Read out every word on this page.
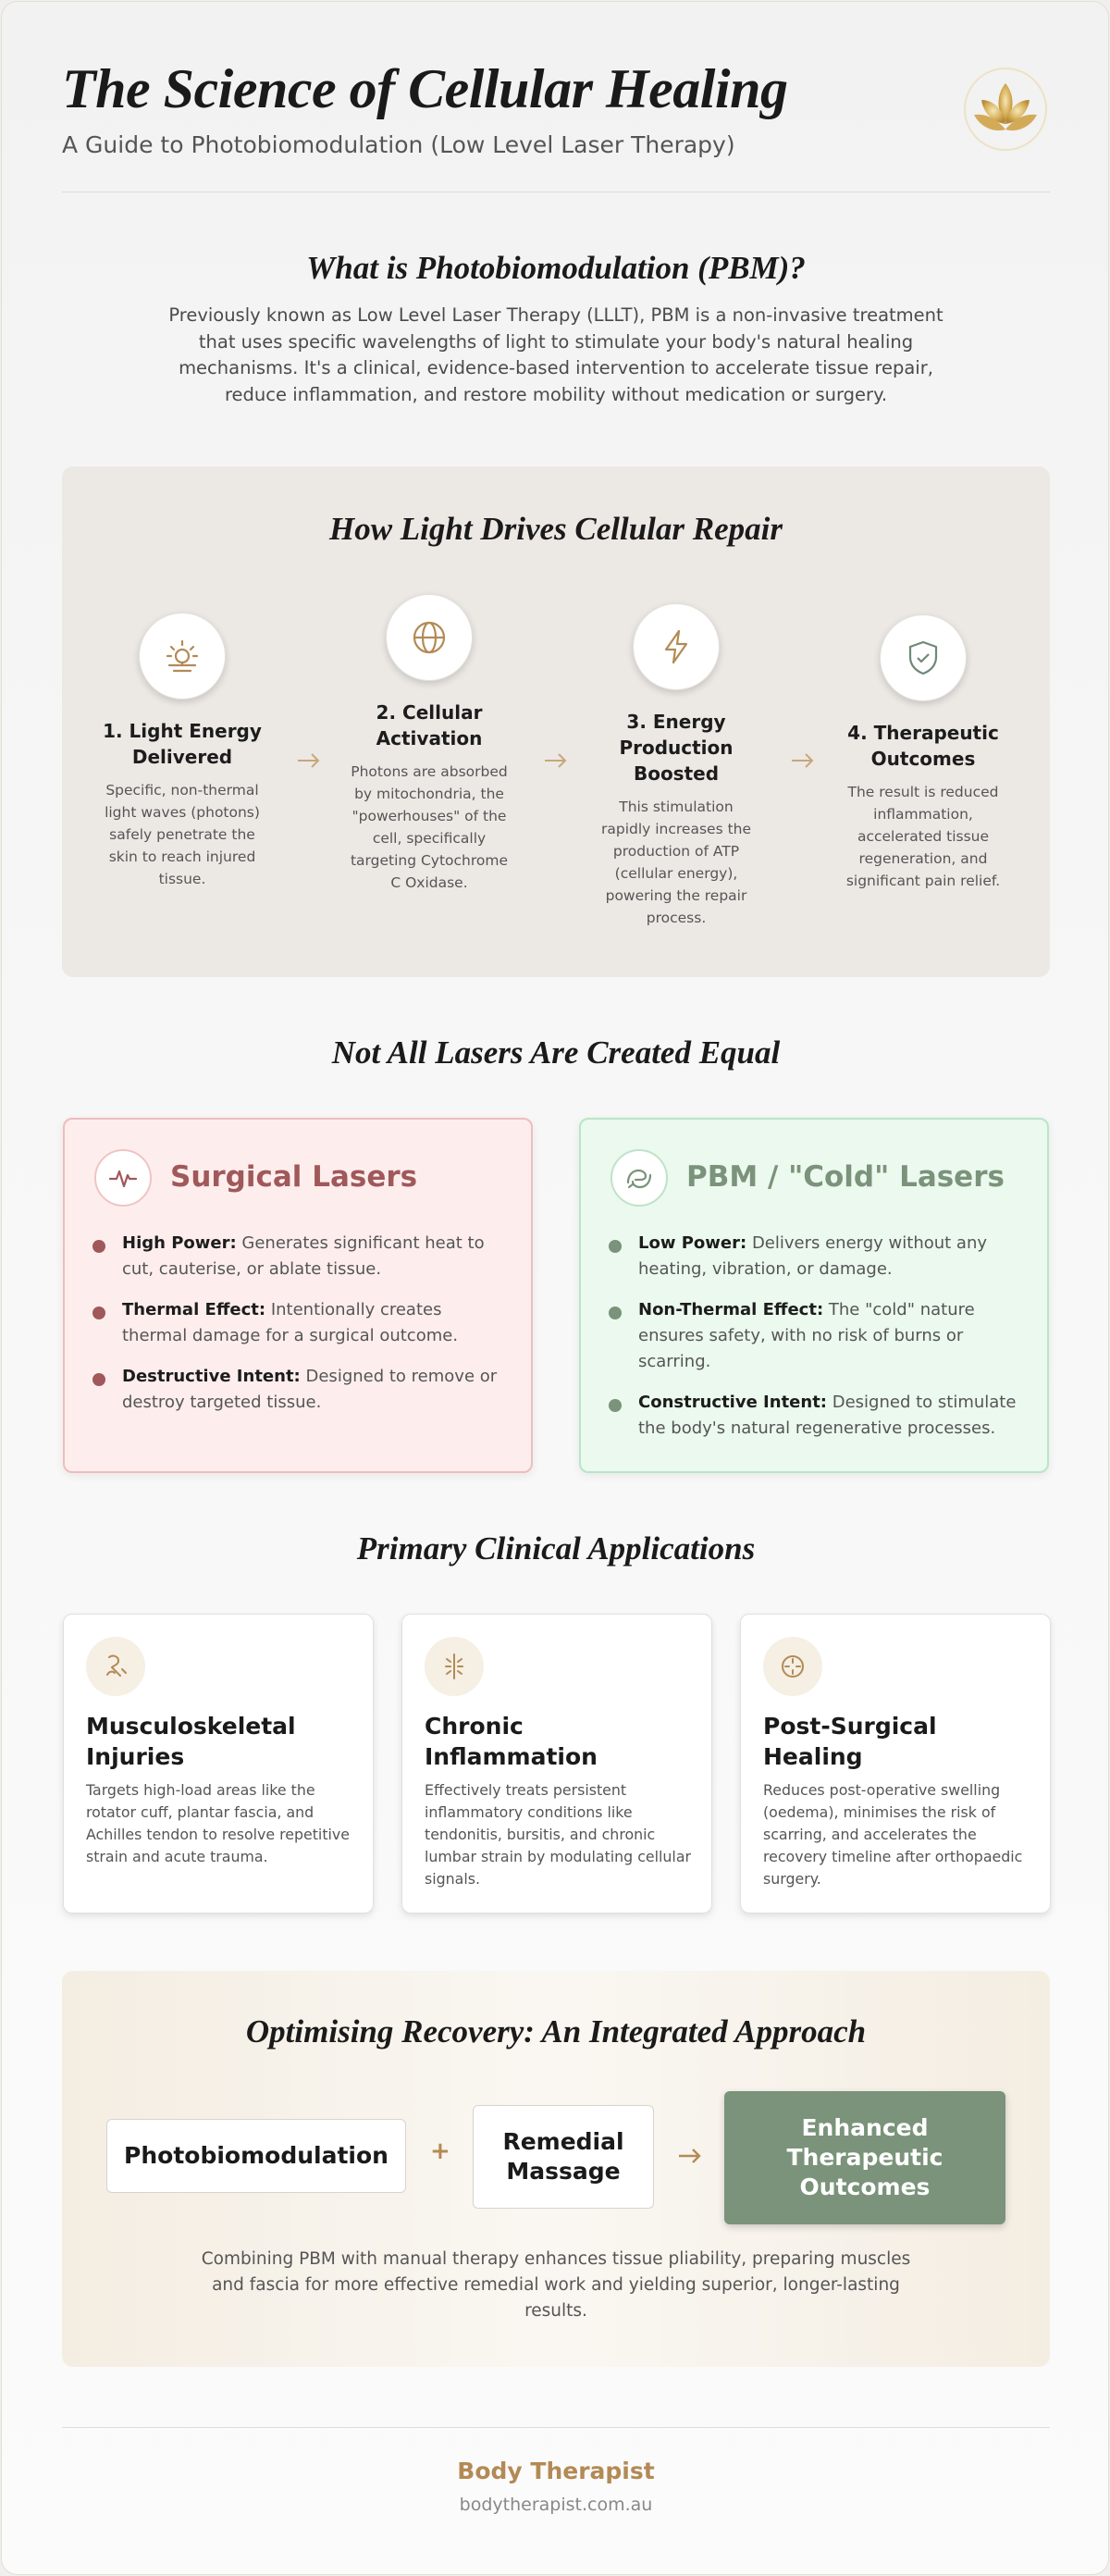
The Science of Cellular Healing
A Guide to Photobiomodulation (Low Level Laser Therapy)
What is Photobiomodulation (PBM)?
Previously known as Low Level Laser Therapy (LLLT), PBM is a non-invasive treatment that uses specific wavelengths of light to stimulate your body's natural healing mechanisms. It's a clinical, evidence-based intervention to accelerate tissue repair, reduce inflammation, and restore mobility without medication or surgery.
How Light Drives Cellular Repair
1. Light Energy Delivered
Specific, non-thermal light waves (photons) safely penetrate the skin to reach injured tissue.
2. Cellular Activation
Photons are absorbed by mitochondria, the "powerhouses" of the cell, specifically targeting Cytochrome C Oxidase.
3. Energy Production Boosted
This stimulation rapidly increases the production of ATP (cellular energy), powering the repair process.
4. Therapeutic Outcomes
The result is reduced inflammation, accelerated tissue regeneration, and significant pain relief.
Not All Lasers Are Created Equal
Surgical Lasers
High Power: Generates significant heat to cut, cauterise, or ablate tissue.
Thermal Effect: Intentionally creates thermal damage for a surgical outcome.
Destructive Intent: Designed to remove or destroy targeted tissue.
PBM / "Cold" Lasers
Low Power: Delivers energy without any heating, vibration, or damage.
Non-Thermal Effect: The "cold" nature ensures safety, with no risk of burns or scarring.
Constructive Intent: Designed to stimulate the body's natural regenerative processes.
Primary Clinical Applications
Musculoskeletal Injuries
Targets high-load areas like the rotator cuff, plantar fascia, and Achilles tendon to resolve repetitive strain and acute trauma.
Chronic Inflammation
Effectively treats persistent inflammatory conditions like tendonitis, bursitis, and chronic lumbar strain by modulating cellular signals.
Post-Surgical Healing
Reduces post-operative swelling (oedema), minimises the risk of scarring, and accelerates the recovery timeline after orthopaedic surgery.
Optimising Recovery: An Integrated Approach
Photobiomodulation	+	Remedial Massage
Enhanced Therapeutic Outcomes
Combining PBM with manual therapy enhances tissue pliability, preparing muscles and fascia for more effective remedial work and yielding superior, longer-lasting results.
Body Therapist
bodytherapist.com.au
